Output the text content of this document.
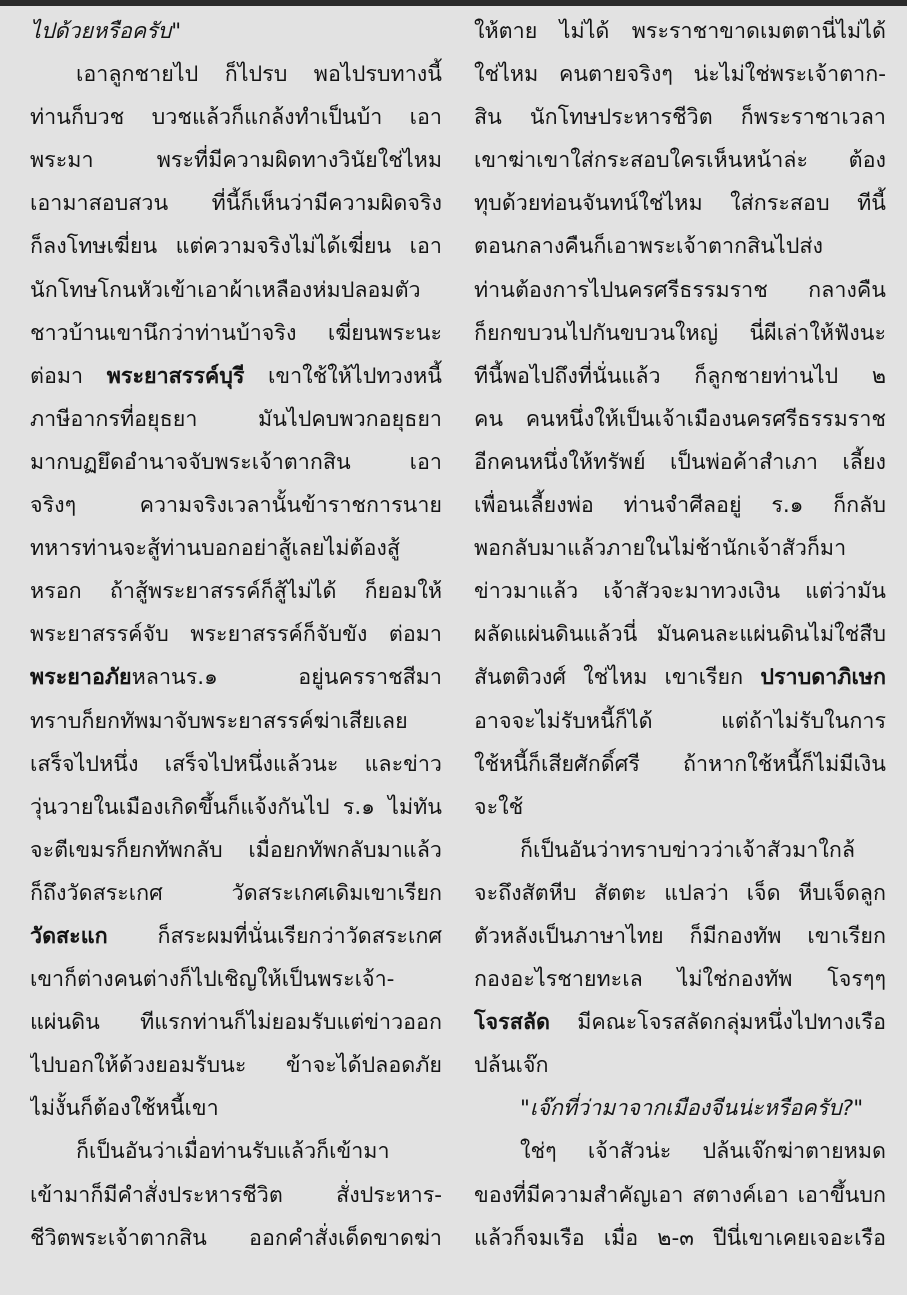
ไปด้วยหรือครับ"
เอาลูกชายไป ก็ไปรบ พอไปรบทางนี้
ท่านก็บวช บวชแล้วก็แกล้งทำเป็นบ้า เอา
พระมา พระที่มีความผิดทางวินัยใช่ไหม
เอามาสอบสวน ที่นี้ก็เห็นว่ามีความผิดจริง
ก็ลงโทษเฆี่ยน แต่ความจริงไม่ได้เฆี่ยน เอา
นักโทษโกนหัวเข้าเอาผ้าเหลืองห่มปลอมตัว
ชาวบ้านเขานึกว่าท่านบ้าจริง เฆี่ยนพระนะ
ต่อมา พระยาสรรค์บุรี เขาใช้ให้ไปทวงหนี้
ภาษีอากรที่อยุธยา มันไปคบพวกอยุธยา
มากบฏยึดอำนาจจับพระเจ้าตากสิน เอา
จริงๆ ความจริงเวลานั้นข้าราชการนาย
ทหารท่านจะสู้ท่านบอกอย่าสู้เลยไม่ต้องสู้
หรอก ถ้าสู้พระยาสรรค์ก็สู้ไม่ได้ ก็ยอมให้
พระยาสรรค์จับ พระยาสรรค์ก็จับขัง ต่อมา
พระยาอภัยหลานร.๑ อยู่นครราชสีมา
ทราบก็ยกทัพมาจับพระยาสรรค์ฆ่าเสียเลย
เสร็จไปหนึ่ง เสร็จไปหนึ่งแล้วนะ และข่าว
วุ่นวายในเมืองเกิดขึ้นก็แจ้งกันไป ร.๑ ไม่ทัน
จะตีเขมรก็ยกทัพกลับ เมื่อยกทัพกลับมาแล้ว
ก็ถึงวัดสระเกศ วัดสระเกศเดิมเขาเรียก
วัดสะแก ก็สระผมที่นั่นเรียกว่าวัดสระเกศ
เขาก็ต่างคนต่างก็ไปเชิญให้เป็นพระเจ้า-
แผ่นดิน ทีแรกท่านก็ไม่ยอมรับแต่ข่าวออก
ไปบอกให้ด้วงยอมรับนะ ข้าจะได้ปลอดภัย
ไม่งั้นก็ต้องใช้หนี้เขา
ก็เป็นอันว่าเมื่อท่านรับแล้วก็เข้ามา
เข้ามาก็มีคำสั่งประหารชีวิต สั่งประหาร-
ชีวิตพระเจ้าตากสิน ออกคำสั่งเด็ดขาดฆ่า
ให้ตาย ไม่ได้ พระราชาขาดเมตตานี่ไม่ได้
ใช่ไหม คนตายจริงๆ น่ะไม่ใช่พระเจ้าตาก-
สิน นักโทษประหารชีวิต ก็พระราชาเวลา
เขาฆ่าเขาใส่กระสอบใครเห็นหน้าล่ะ ต้อง
ทุบด้วยท่อนจันทน์ใช่ไหม ใส่กระสอบ ทีนี้
ตอนกลางคืนก็เอาพระเจ้าตากสินไปส่ง
ท่านต้องการไปนครศรีธรรมราช กลางคืน
ก็ยกขบวนไปกันขบวนใหญ่ นี่ผีเล่าให้ฟังนะ
ทีนี้พอไปถึงที่นั่นแล้ว ก็ลูกชายท่านไป ๒
คน คนหนึ่งให้เป็นเจ้าเมืองนครศรีธรรมราช
อีกคนหนึ่งให้ทรัพย์ เป็นพ่อค้าสำเภา เลี้ยง
เพื่อนเลี้ยงพ่อ ท่านจำศีลอยู่ ร.๑ ก็กลับ
พอกลับมาแล้วภายในไม่ช้านักเจ้าสัวก็มา
ข่าวมาแล้ว เจ้าสัวจะมาทวงเงิน แต่ว่ามัน
ผลัดแผ่นดินแล้วนี่ มันคนละแผ่นดินไม่ใช่สืบ
สันตติวงศ์ ใช่ไหม เขาเรียก ปราบดาภิเษก
อาจจะไม่รับหนี้ก็ได้ แต่ถ้าไม่รับในการ
ใช้หนี้ก็เสียศักดิ์ศรี ถ้าหากใช้หนี้ก็ไม่มีเงิน
จะใช้
ก็เป็นอันว่าทราบข่าวว่าเจ้าสัวมาใกล้
จะถึงสัตหีบ สัตตะ แปลว่า เจ็ด หีบเจ็ดลูก
ตัวหลังเป็นภาษาไทย ก็มีกองทัพ เขาเรียก
กองอะไรชายทะเล ไม่ใช่กองทัพ โจรๆๆ
โจรสลัด มีคณะโจรสลัดกลุ่มหนึ่งไปทางเรือ
ปล้นเจ๊ก
"เจ๊กที่ว่ามาจากเมืองจีนน่ะหรือครับ?"
ใช่ๆ เจ้าสัวน่ะ ปล้นเจ๊กฆ่าตายหมด
ของที่มีความสำคัญเอา สตางค์เอา เอาขึ้นบก
แล้วก็จมเรือ เมื่อ ๒-๓ ปีนี่เขาเคยเจอะเรือ
